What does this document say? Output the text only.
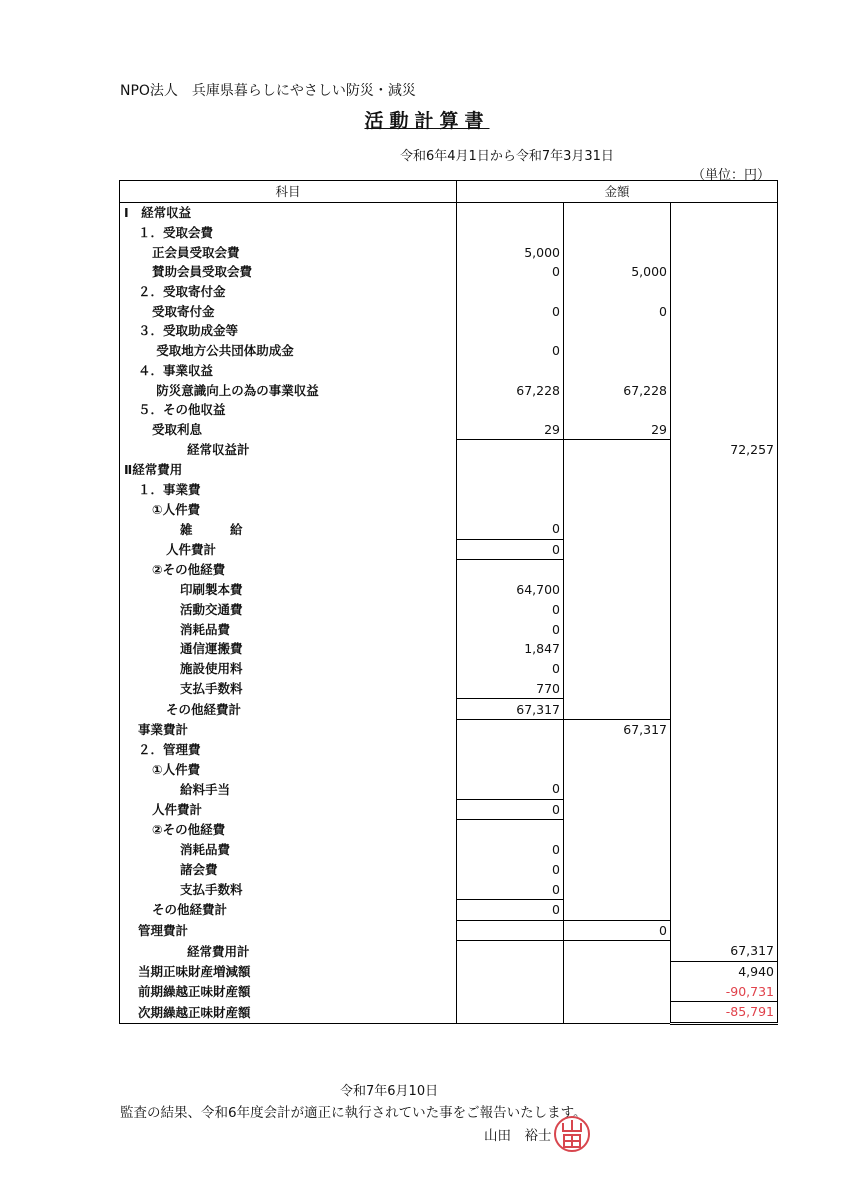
NPO法人　兵庫県暮らしにやさしい防災・減災
活動計算書
令和6年4月1日から令和7年3月31日
（単位：円）
科目	金額		
Ⅰ　経常収益			
１．受取会費			
正会員受取会費	5,000		
賛助会員受取会費	0	5,000	
２．受取寄付金			
受取寄付金	0	0	
３．受取助成金等			
受取地方公共団体助成金	0		
４．事業収益			
防災意識向上の為の事業収益	67,228	67,228	
５．その他収益			
受取利息	29	29	
経常収益計			72,257
Ⅱ経常費用			
１．事業費			
①人件費			
雑　　　給	0		
人件費計	0		
②その他経費			
印刷製本費	64,700		
活動交通費	0		
消耗品費	0		
通信運搬費	1,847		
施設使用料	0		
支払手数料	770		
その他経費計	67,317		
事業費計		67,317	
２．管理費			
①人件費			
給料手当	0		
人件費計	0		
②その他経費			
消耗品費	0		
諸会費	0		
支払手数料	0		
その他経費計	0		
管理費計		0	
経常費用計			67,317
当期正味財産増減額			4,940
前期繰越正味財産額			-90,731
次期繰越正味財産額			-85,791
令和7年6月10日
監査の結果、令和6年度会計が適正に執行されていた事をご報告いたします。
山田　裕士
